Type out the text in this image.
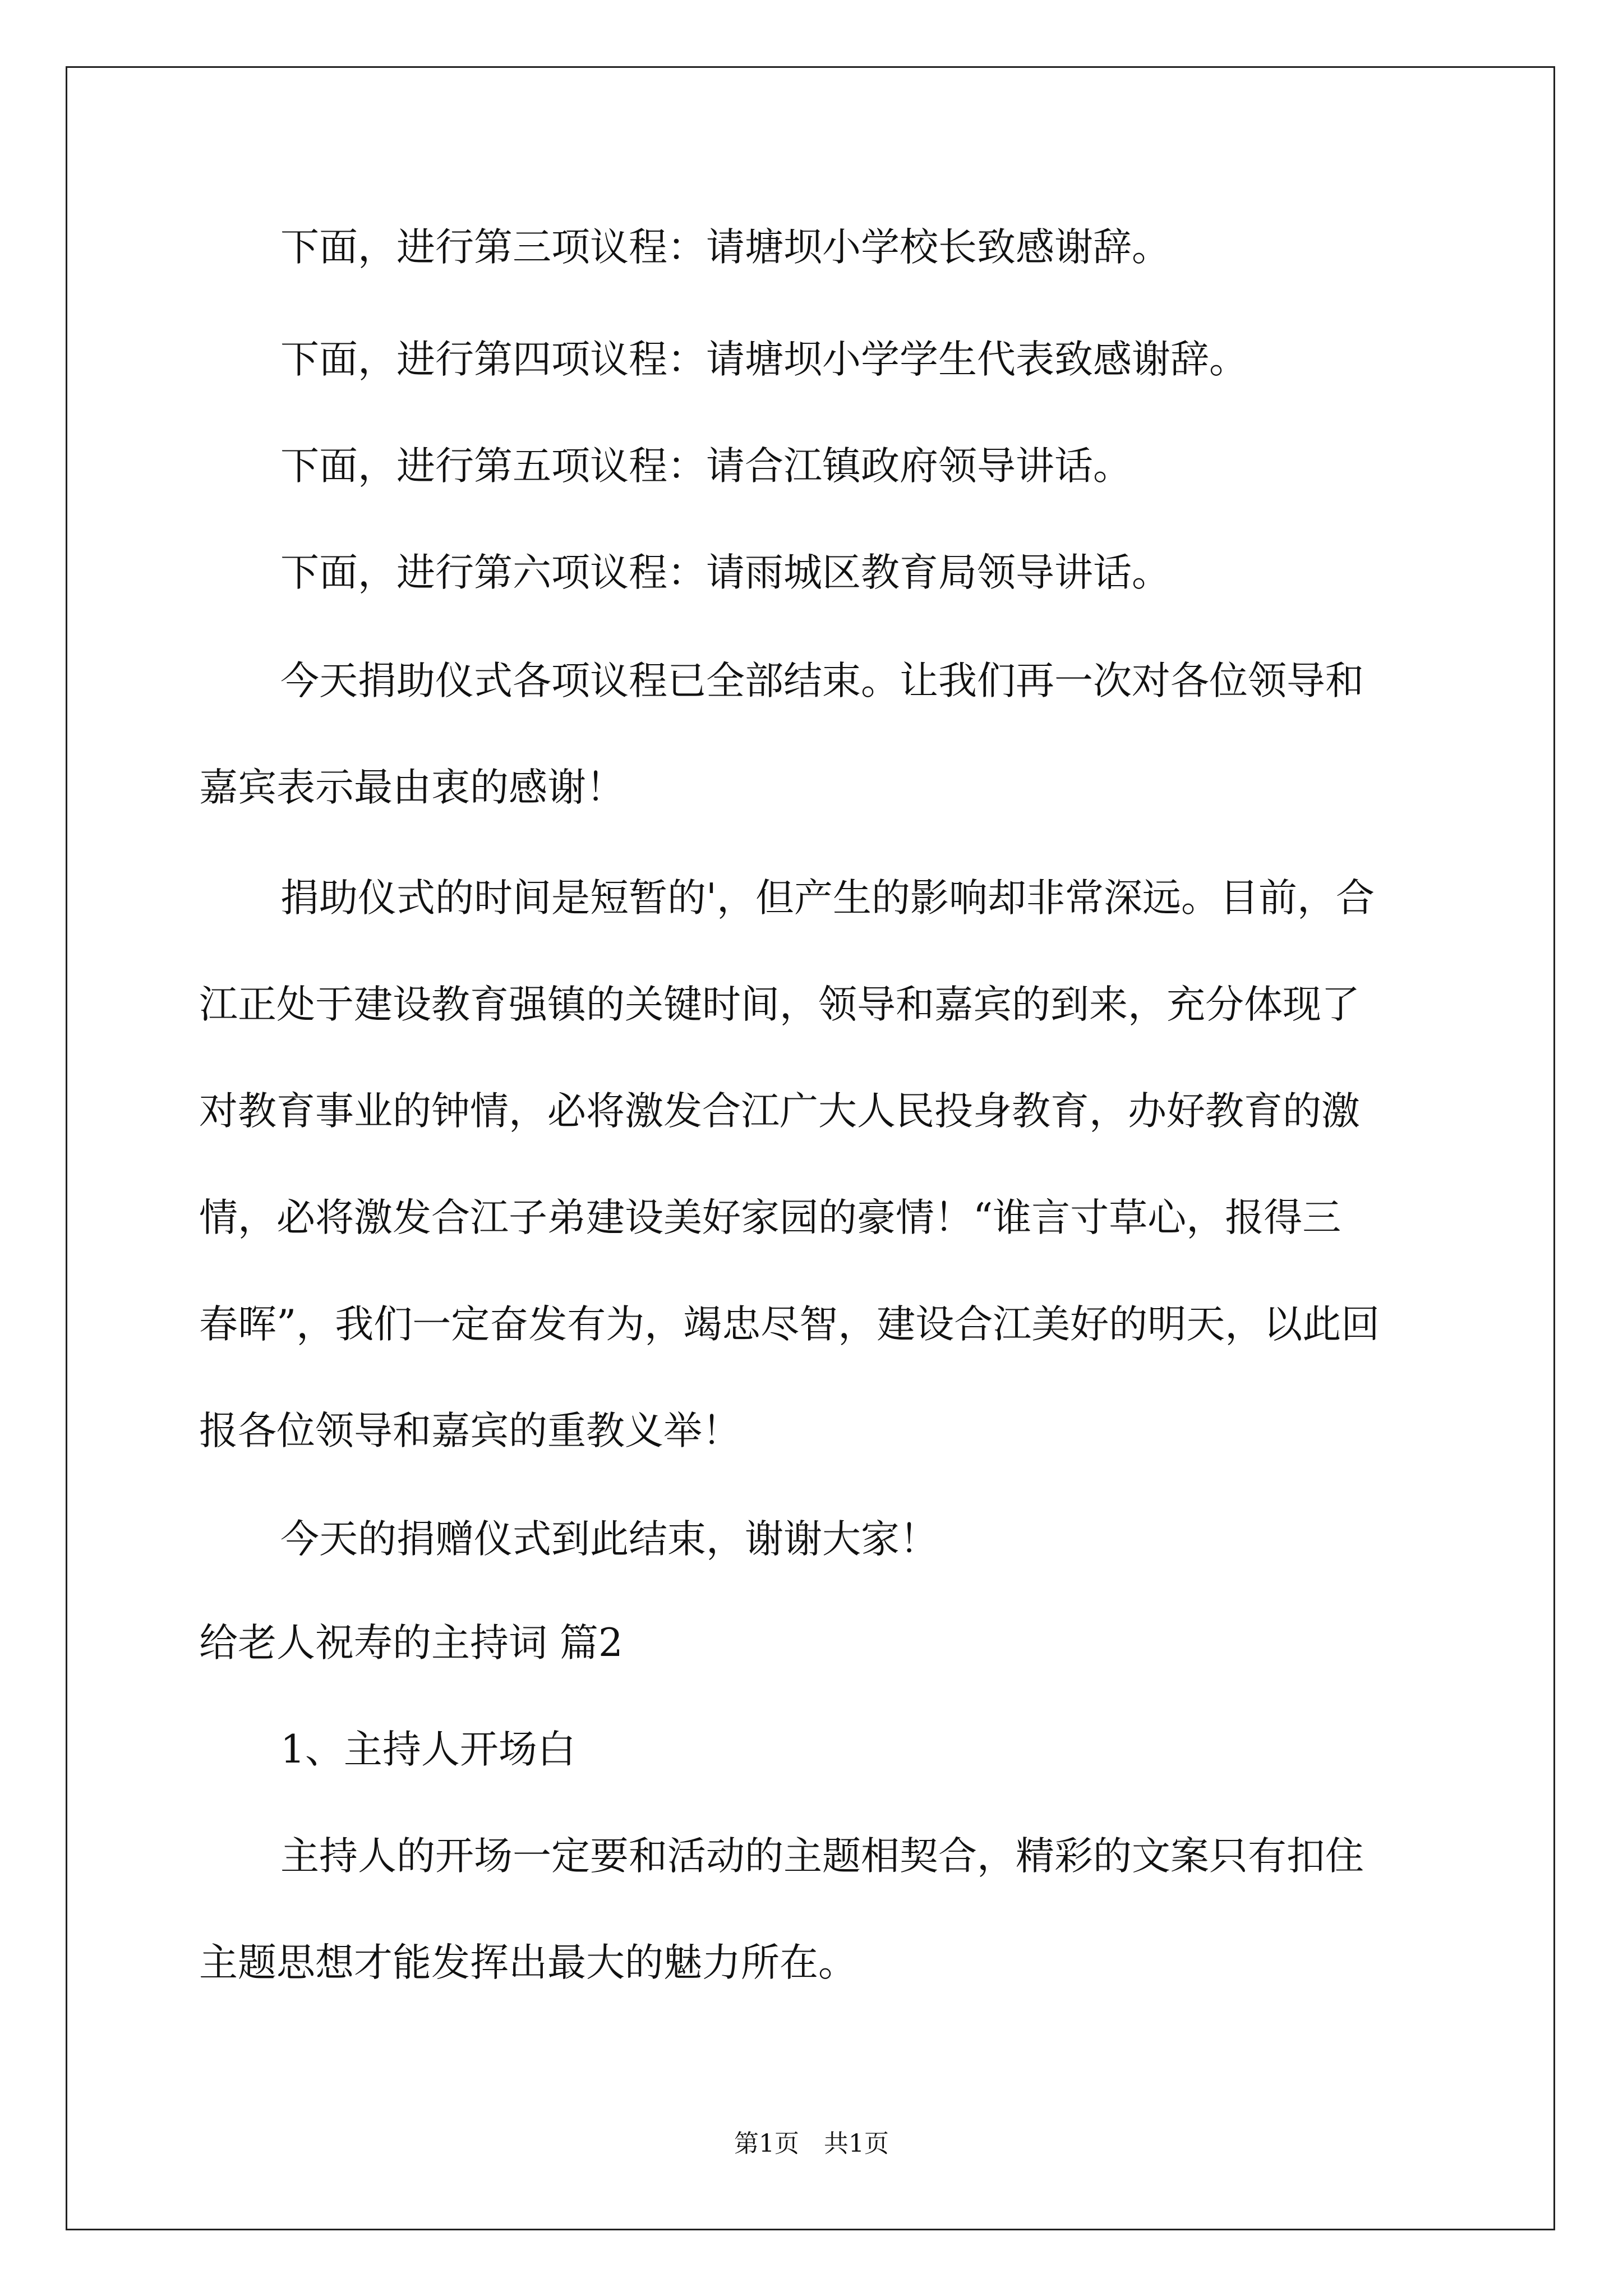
下面，进行第三项议程：请塘坝小学校长致感谢辞。
下面，进行第四项议程：请塘坝小学学生代表致感谢辞。
下面，进行第五项议程：请合江镇政府领导讲话。
下面，进行第六项议程：请雨城区教育局领导讲话。
今天捐助仪式各项议程已全部结束。让我们再一次对各位领导和
嘉宾表示最由衷的感谢！
捐助仪式的时间是短暂的'，但产生的影响却非常深远。目前，合
江正处于建设教育强镇的关键时间，领导和嘉宾的到来，充分体现了
对教育事业的钟情，必将激发合江广大人民投身教育，办好教育的激
情，必将激发合江子弟建设美好家园的豪情！“谁言寸草心，报得三
春晖”，我们一定奋发有为，竭忠尽智，建设合江美好的明天，以此回
报各位领导和嘉宾的重教义举！
今天的捐赠仪式到此结束，谢谢大家！
给老人祝寿的主持词 篇2
1、主持人开场白
主持人的开场一定要和活动的主题相契合，精彩的文案只有扣住
主题思想才能发挥出最大的魅力所在。
第1页　共1页
